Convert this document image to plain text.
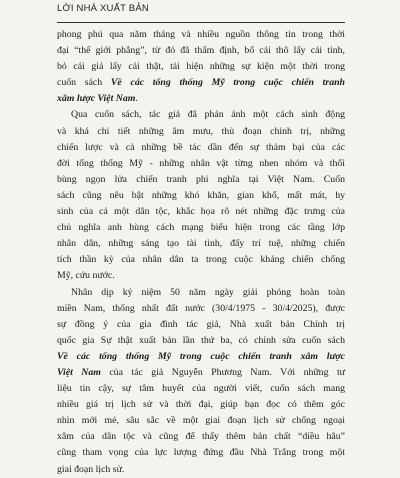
LỜI NHÀ XUẤT BẢN
phong phú qua năm tháng và nhiều nguồn thông tin trong thời
đại “thế giới phẳng”, từ đó đã thẩm định, bổ cái thô lấy cái tinh,
bỏ cái giả lấy cái thật, tái hiện những sự kiện một thời trong
cuốn sách Về các tổng thống Mỹ trong cuộc chiến tranh
xâm lược Việt Nam.
Qua cuốn sách, tác giả đã phản ánh một cách sinh động
và khá chi tiết những âm mưu, thủ đoạn chính trị, những
chiến lược và cả những bề tác dần đến sự thảm bại của các
đời tổng thống Mỹ - những nhân vật từng nhen nhóm và thổi
bùng ngọn lửa chiến tranh phi nghĩa tại Việt Nam. Cuốn
sách cũng nêu bật những khó khăn, gian khổ, mất mát, hy
sinh của cả một dân tộc, khắc họa rõ nét những đặc trưng của
chủ nghĩa anh hùng cách mạng biểu hiện trong các tầng lớp
nhân dân, những sáng tạo tài tình, đấy trí tuệ, những chiến
tích thần kỳ của nhân dân ta trong cuộc kháng chiến chống
Mỹ, cứu nước.
Nhân dịp kỷ niệm 50 năm ngày giải phóng hoàn toàn
miền Nam, thống nhất đất nước (30/4/1975 - 30/4/2025), được
sự đồng ý của gia đình tác giả, Nhà xuất bản Chính trị
quốc gia Sự thật xuất bản lần thứ ba, có chỉnh sửa cuốn sách
Về các tổng thống Mỹ trong cuộc chiến tranh xâm lược
Việt Nam của tác giả Nguyễn Phương Nam. Với những tư
liệu tin cậy, sự tâm huyết của người viết, cuốn sách mang
nhiều giá trị lịch sử và thời đại, giúp bạn đọc có thêm góc
nhìn mới mẻ, sâu sắc về một giai đoạn lịch sử chống ngoại
xâm của dân tộc và cũng để thấy thêm bản chất “diều hâu”
cũng tham vọng của lực lượng đứng đầu Nhà Trắng trong một
giai đoạn lịch sử.
